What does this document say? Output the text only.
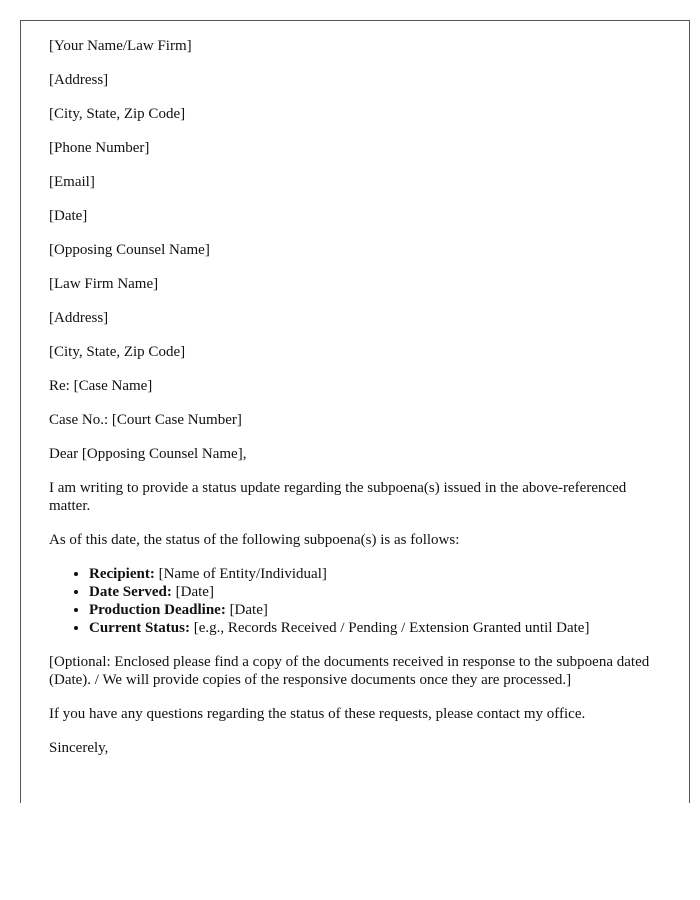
[Your Name/Law Firm]

[Address]

[City, State, Zip Code]

[Phone Number]

[Email]

[Date]

[Opposing Counsel Name]

[Law Firm Name]

[Address]

[City, State, Zip Code]

Re: [Case Name]

Case No.: [Court Case Number]

Dear [Opposing Counsel Name],

I am writing to provide a status update regarding the subpoena(s) issued in the above-referenced matter.

As of this date, the status of the following subpoena(s) is as follows:

• Recipient: [Name of Entity/Individual]
• Date Served: [Date]
• Production Deadline: [Date]
• Current Status: [e.g., Records Received / Pending / Extension Granted until Date]

[Optional: Enclosed please find a copy of the documents received in response to the subpoena dated (Date). / We will provide copies of the responsive documents once they are processed.]

If you have any questions regarding the status of these requests, please contact my office.

Sincerely,
